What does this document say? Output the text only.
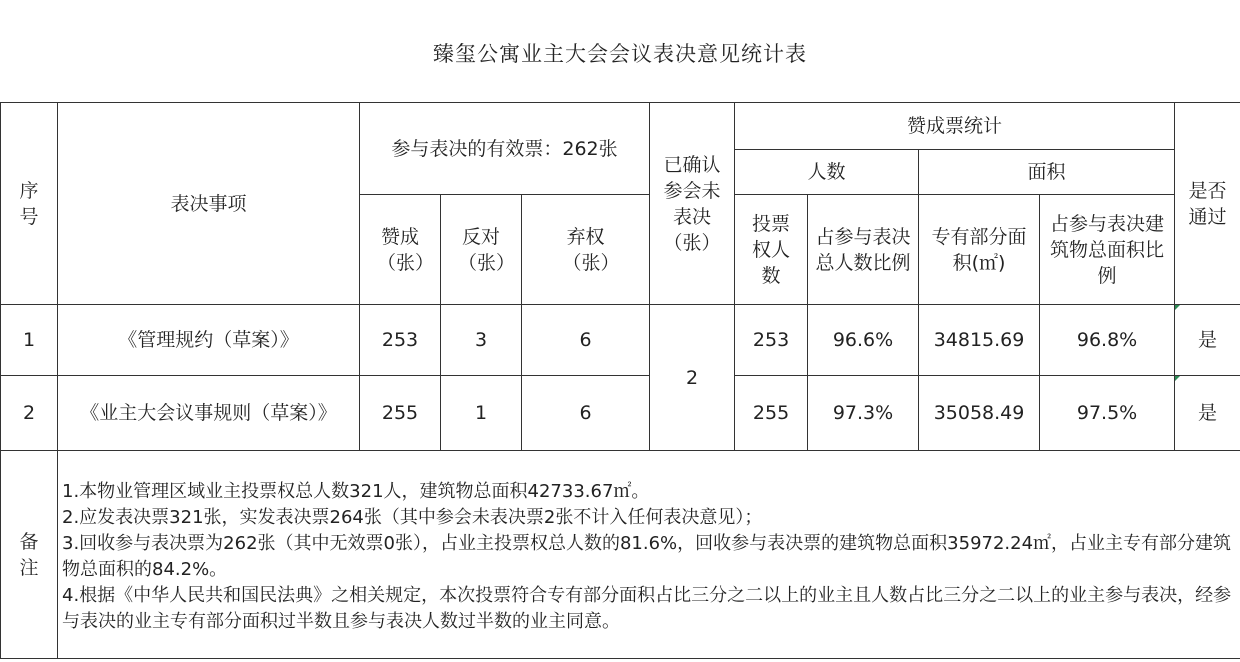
臻玺公寓业主大会会议表决意见统计表
序号	表决事项	参与表决的有效票：262张			已确认参会未表决（张）	赞成票统计				是否通过
						人数		面积		
		赞成（张）	反对（张）	弃权（张）		投票权人数	占参与表决总人数比例	专有部分面积(㎡)	占参与表决建筑物总面积比例	
1	《管理规约（草案）》	253	3	6	2	253	96.6%	34815.69	96.8%	是
2	《业主大会议事规则（草案）》	255	1	6		255	97.3%	35058.49	97.5%	是
备注	1.本物业管理区域业主投票权总人数321人，建筑物总面积42733.67㎡。
2.应发表决票321张，实发表决票264张（其中参会未表决票2张不计入任何表决意见）；
3.回收参与表决票为262张（其中无效票0张），占业主投票权总人数的81.6%，回收参与表决票的建筑物总面积35972.24㎡，占业主专有部分建筑物总面积的84.2%。
4.根据《中华人民共和国民法典》之相关规定，本次投票符合专有部分面积占比三分之二以上的业主且人数占比三分之二以上的业主参与表决，经参与表决的业主专有部分面积过半数且参与表决人数过半数的业主同意。									
